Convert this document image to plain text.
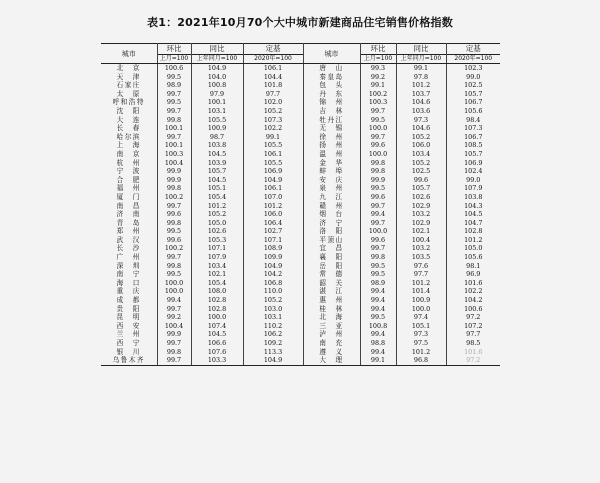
表1：2021年10月70个大中城市新建商品住宅销售价格指数
城市	环比	同比	定基	城市	环比	同比	定基
	上月=100	上年同月=100	2020年=100		上月=100	上年同月=100	2020年=100
北　京	100.6	104.9	106.1	唐　山	99.3	99.1	102.3
天　津	99.5	104.0	104.4	秦皇岛	99.2	97.8	99.0
石家庄	98.9	100.8	101.8	包　头	99.1	101.2	102.5
太　原	99.7	97.9	97.7	丹　东	100.2	103.7	105.7
呼和浩特	99.5	100.1	102.0	锦　州	100.3	104.6	106.7
沈　阳	99.7	103.1	105.2	吉　林	99.7	103.6	105.6
大　连	99.8	105.5	107.3	牡丹江	99.5	97.3	98.4
长　春	100.1	100.9	102.2	无　锡	100.0	104.6	107.3
哈尔滨	99.7	98.7	99.1	徐　州	99.7	105.2	106.7
上　海	100.1	103.8	105.5	扬　州	99.6	106.0	108.5
南　京	100.3	104.5	106.1	温　州	100.0	103.4	105.7
杭　州	100.4	103.9	105.5	金　华	99.8	105.2	106.9
宁　波	99.9	105.7	106.9	蚌　埠	99.8	102.5	102.4
合　肥	99.9	104.5	104.9	安　庆	99.9	99.6	99.0
福　州	99.8	105.1	106.1	泉　州	99.5	105.7	107.9
厦　门	100.2	105.4	107.0	九　江	99.6	102.6	103.8
南　昌	99.7	101.2	101.2	赣　州	99.7	102.9	104.3
济　南	99.6	105.2	106.0	烟　台	99.4	103.2	104.5
青　岛	99.8	105.0	106.4	济　宁	99.7	102.9	104.7
郑　州	99.5	102.6	102.7	洛　阳	100.0	102.1	102.8
武　汉	99.6	105.3	107.1	平顶山	99.6	100.4	101.2
长　沙	100.2	107.1	108.9	宜　昌	99.7	103.2	105.0
广　州	99.7	107.9	109.9	襄　阳	99.8	103.5	105.6
深　圳	99.8	103.4	104.9	岳　阳	99.5	97.6	98.1
南　宁	99.5	102.1	104.2	常　德	99.5	97.7	96.9
海　口	100.0	105.4	106.8	韶　关	98.9	101.2	101.6
重　庆	100.0	108.0	110.0	湛　江	99.4	101.4	102.2
成　都	99.4	102.8	105.2	惠　州	99.4	100.9	104.2
贵　阳	99.7	102.8	103.0	桂　林	99.4	100.0	100.6
昆　明	99.2	100.0	103.1	北　海	99.5	97.4	97.2
西　安	100.4	107.4	110.2	三　亚	100.8	105.1	107.2
兰　州	99.9	104.5	106.2	泸　州	99.4	97.3	97.7
西　宁	99.7	106.6	109.2	南　充	98.8	97.5	98.5
银　川	99.8	107.6	113.3	遵　义	99.4	101.2	101.6
乌鲁木齐	99.7	103.3	104.9	大　理	99.1	96.8	97.2
